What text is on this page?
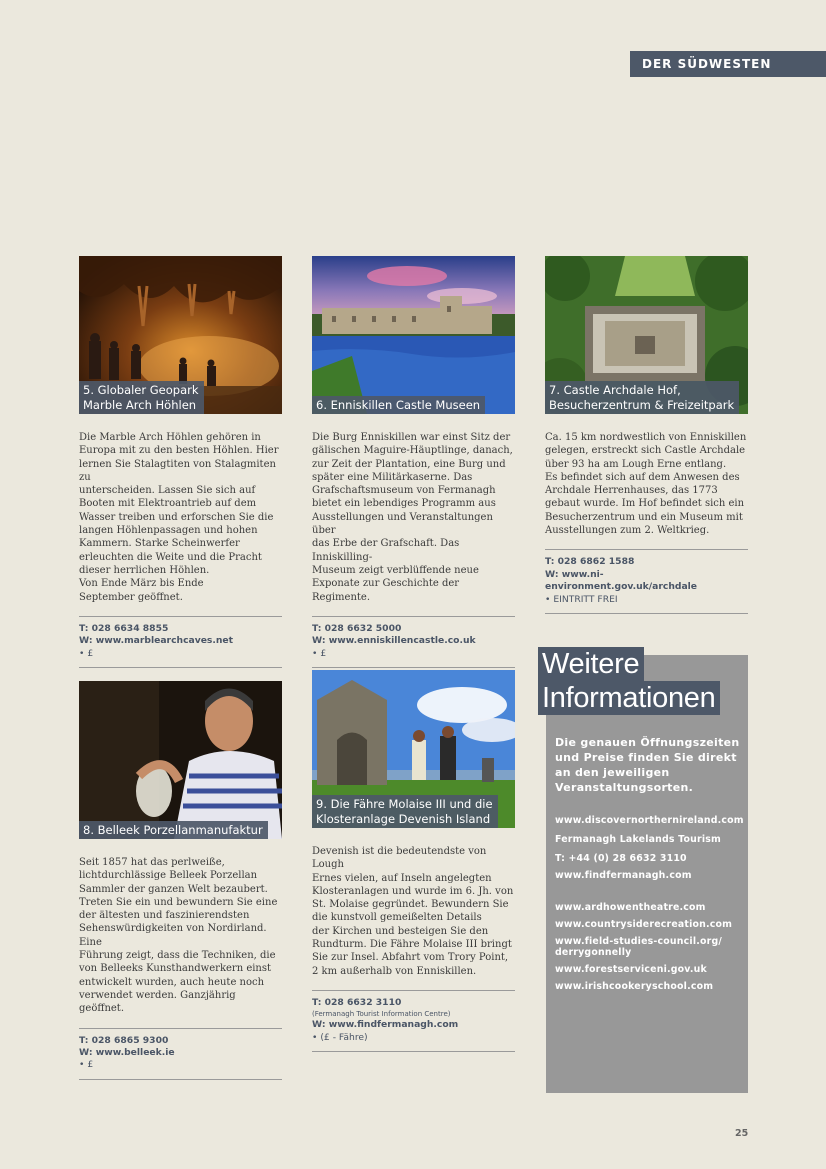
DER SÜDWESTEN
5. Globaler Geopark
Marble Arch Höhlen
Die Marble Arch Höhlen gehören in
Europa mit zu den besten Höhlen. Hier
lernen Sie Stalagtiten von Stalagmiten zu
unterscheiden. Lassen Sie sich auf
Booten mit Elektroantrieb auf dem
Wasser treiben und erforschen Sie die
langen Höhlenpassagen und hohen
Kammern. Starke Scheinwerfer
erleuchten die Weite und die Pracht
dieser herrlichen Höhlen.
Von Ende März bis Ende
September geöffnet.
T: 028 6634 8855
W: www.marblearchcaves.net
• £
6. Enniskillen Castle Museen
Die Burg Enniskillen war einst Sitz der
gälischen Maguire-Häuptlinge, danach,
zur Zeit der Plantation, eine Burg und
später eine Militärkaserne. Das
Grafschaftsmuseum von Fermanagh
bietet ein lebendiges Programm aus
Ausstellungen und Veranstaltungen über
das Erbe der Grafschaft. Das Inniskilling-
Museum zeigt verblüffende neue
Exponate zur Geschichte der Regimente.
T: 028 6632 5000
W: www.enniskillencastle.co.uk
• £
7. Castle Archdale Hof,
Besucherzentrum & Freizeitpark
Ca. 15 km nordwestlich von Enniskillen
gelegen, erstreckt sich Castle Archdale
über 93 ha am Lough Erne entlang.
Es befindet sich auf dem Anwesen des
Archdale Herrenhauses, das 1773
gebaut wurde. Im Hof befindet sich ein
Besucherzentrum und ein Museum mit
Ausstellungen zum 2. Weltkrieg.
T: 028 6862 1588
W: www.ni-environment.gov.uk/archdale
• EINTRITT FREI
8. Belleek Porzellanmanufaktur
Seit 1857 hat das perlweiße,
lichtdurchlässige Belleek Porzellan
Sammler der ganzen Welt bezaubert.
Treten Sie ein und bewundern Sie eine
der ältesten und faszinierendsten
Sehenswürdigkeiten von Nordirland. Eine
Führung zeigt, dass die Techniken, die
von Belleeks Kunsthandwerkern einst
entwickelt wurden, auch heute noch
verwendet werden. Ganzjährig geöffnet.
T: 028 6865 9300
W: www.belleek.ie
• £
9. Die Fähre Molaise III und die
Klosteranlage Devenish Island
Devenish ist die bedeutendste von Lough
Ernes vielen, auf Inseln angelegten
Klosteranlagen und wurde im 6. Jh. von
St. Molaise gegründet. Bewundern Sie
die kunstvoll gemeißelten Details
der Kirchen und besteigen Sie den
Rundturm. Die Fähre Molaise III bringt
Sie zur Insel. Abfahrt vom Trory Point,
2 km außerhalb von Enniskillen.
T: 028 6632 3110
(Fermanagh Tourist Information Centre)
W: www.findfermanagh.com
• (£ - Fähre)
Weitere
Informationen
Die genauen Öffnungszeiten und Preise finden Sie direkt an den jeweiligen Veranstaltungsorten.
www.discovernorthernireland.com
Fermanagh Lakelands Tourism
T: +44 (0) 28 6632 3110
www.findfermanagh.com
www.ardhowentheatre.com
www.countrysiderecreation.com
www.field-studies-council.org/
derrygonnelly
www.forestserviceni.gov.uk
www.irishcookeryschool.com
25
